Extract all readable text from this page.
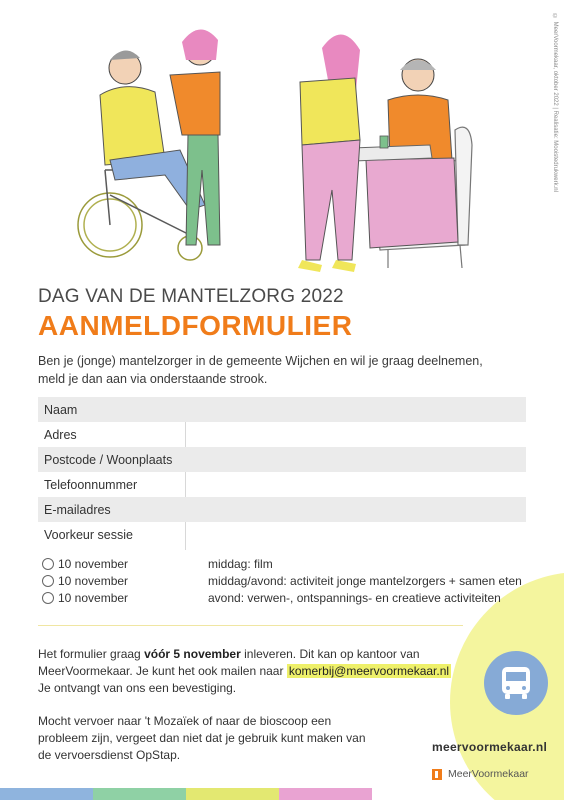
© MeerVoormekaar, oktober 2022 | Realisatie: Mooistedrukwerk.nl
DAG VAN DE MANTELZORG 2022
AANMELDFORMULIER

Ben je (jonge) mantelzorger in de gemeente Wijchen en wil je graag deelnemen, meld je dan aan via onderstaande strook.

Naam
Adres
Postcode / Woonplaats
Telefoonnummer
E-mailadres
Voorkeur sessie
10 november	middag: film
10 november	middag/avond: activiteit jonge mantelzorgers + samen eten
10 november	avond: verwen-, ontspannings- en creatieve activiteiten

Het formulier graag vóór 5 november inleveren. Dit kan op kantoor van MeerVoormekaar. Je kunt het ook mailen naar komerbij@meervoormekaar.nl
Je ontvangt van ons een bevestiging.

Mocht vervoer naar 't Mozaïek of naar de bioscoop een probleem zijn, vergeet dan niet dat je gebruik kunt maken van de vervoersdienst OpStap.

meervoormekaar.nl
MeerVoormekaar
